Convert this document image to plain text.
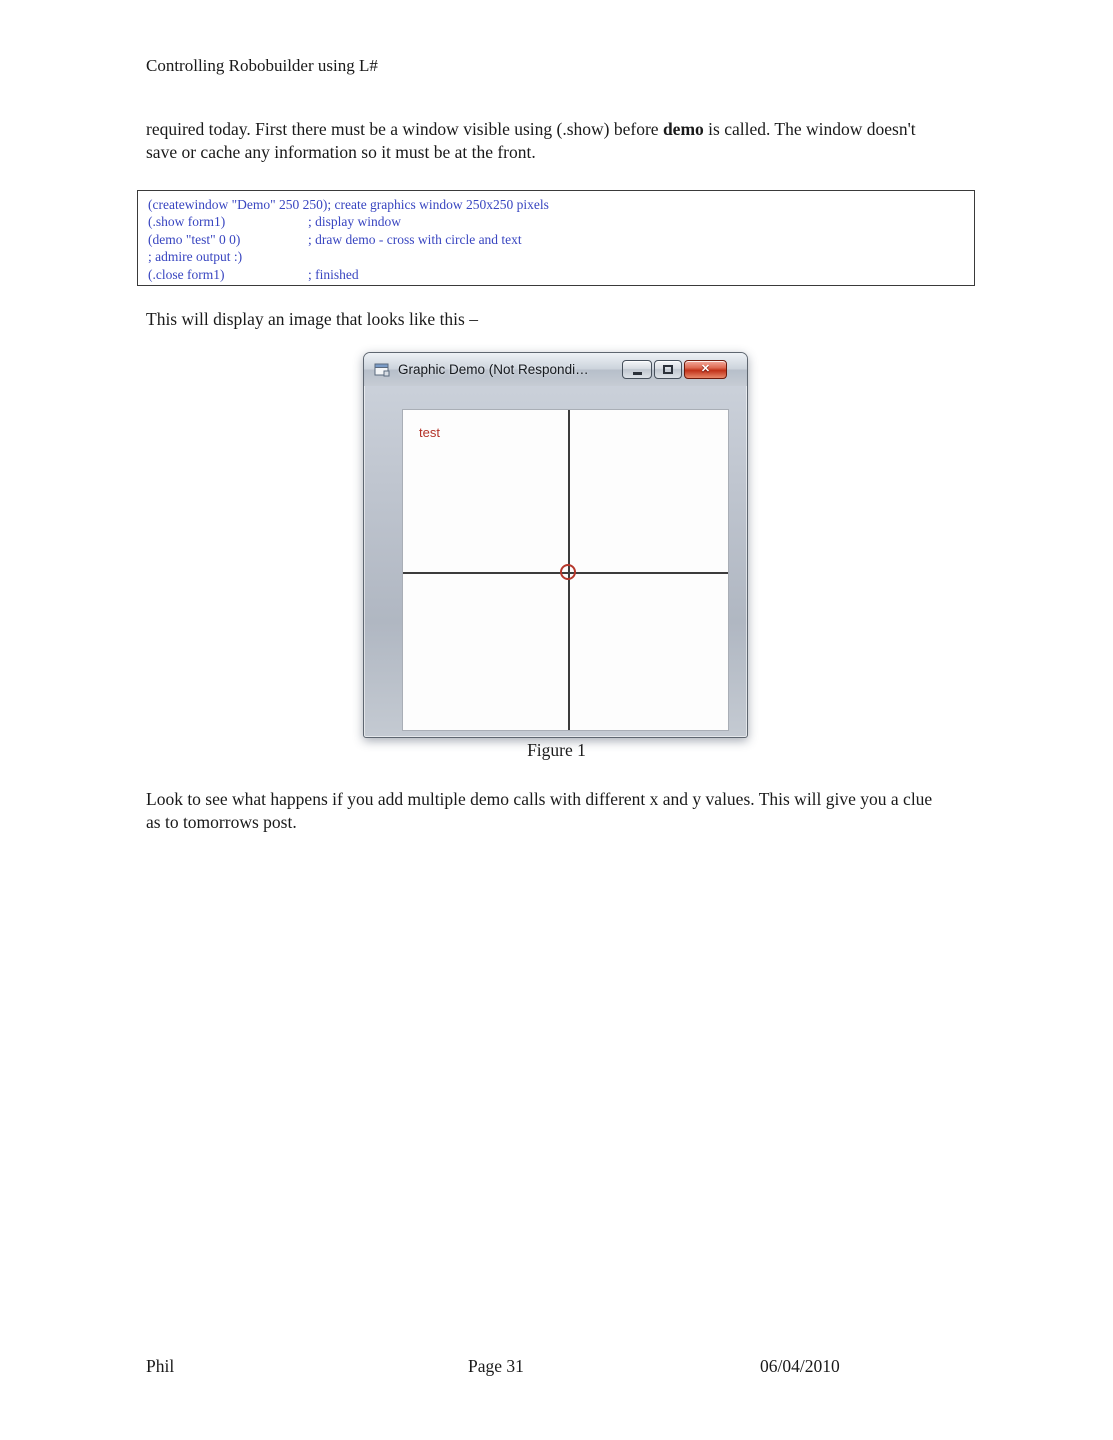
Controlling Robobuilder using L#

required today. First there must be a window visible using (.show) before demo is called. The window doesn't save or cache any information so it must be at the front.

(createwindow "Demo" 250 250); create graphics window 250x250 pixels
(.show form1)	; display window
(demo "test" 0 0)	; draw demo - cross with circle and text
; admire output :)
(.close form1)	; finished

This will display an image that looks like this –

Graphic Demo (Not Respondi…	✕
test
Figure 1

Look to see what happens if you add multiple demo calls with different x and y values. This will give you a clue as to tomorrows post.

Phil	Page 31	06/04/2010
